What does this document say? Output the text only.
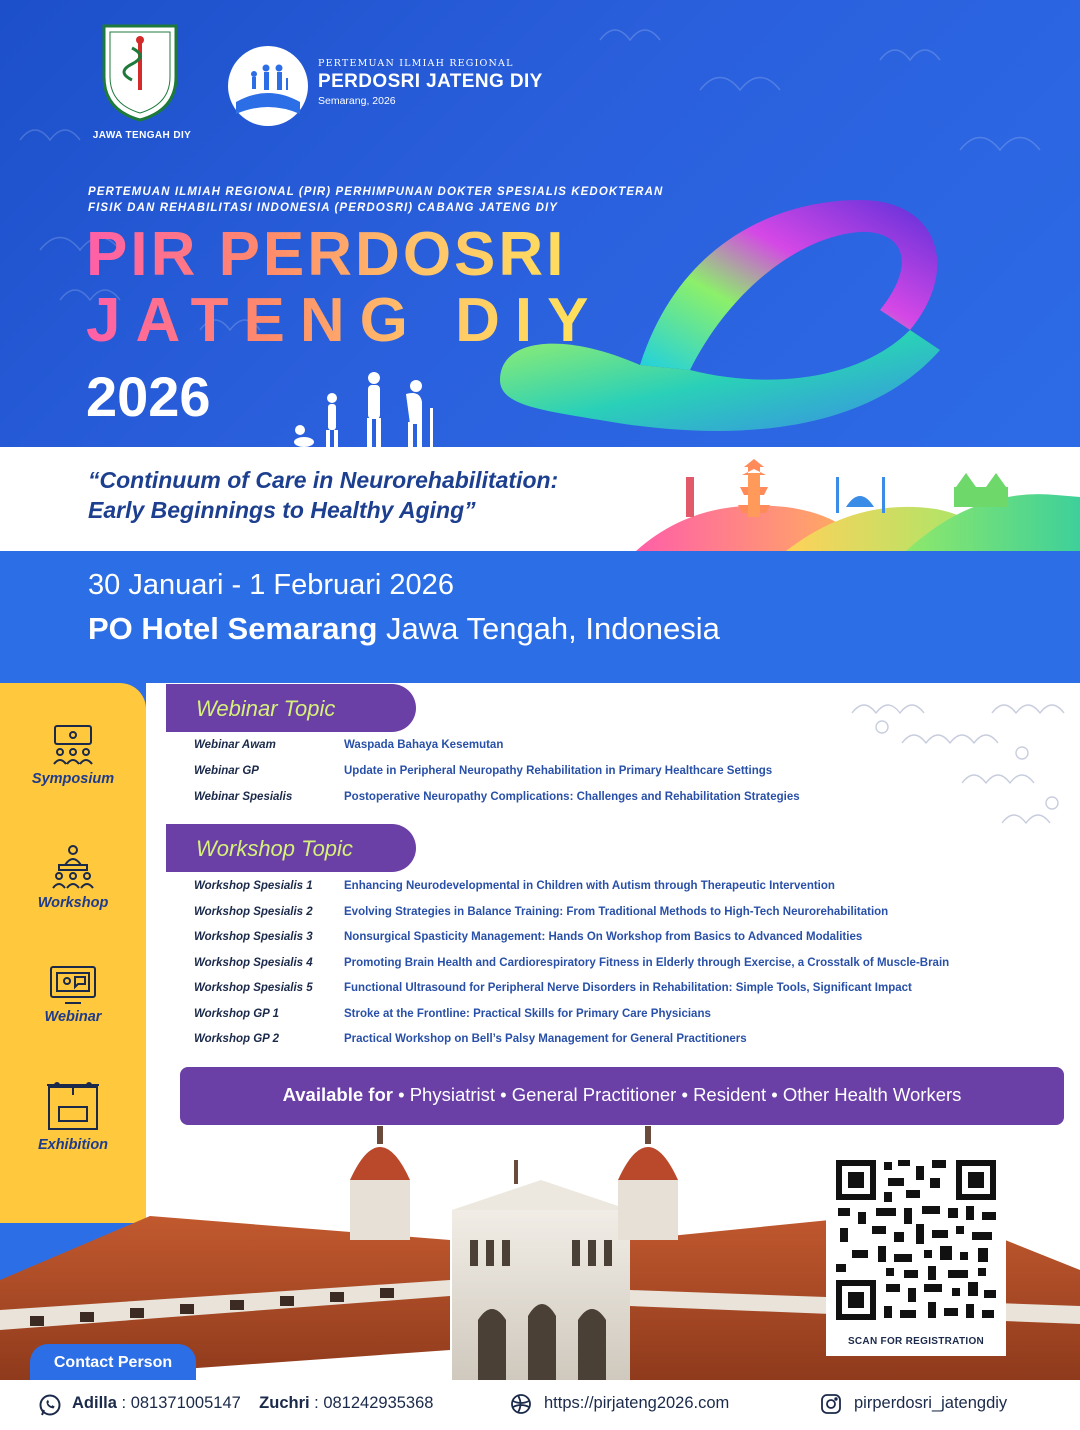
JAWA TENGAH DIY
PERTEMUAN ILMIAH REGIONAL
PERDOSRI JATENG DIY
Semarang, 2026
PERTEMUAN ILMIAH REGIONAL (PIR) PERHIMPUNAN DOKTER SPESIALIS KEDOKTERAN
FISIK DAN REHABILITASI INDONESIA (PERDOSRI) CABANG JATENG DIY
PIR PERDOSRI
JATENG DIY
2026
“Continuum of Care in Neurorehabilitation:
Early Beginnings to Healthy Aging”
30 Januari - 1 Februari 2026
PO Hotel Semarang Jawa Tengah, Indonesia
Symposium
Workshop
Webinar
Exhibition
Webinar Topic
Webinar Awam	Waspada Bahaya Kesemutan
Webinar GP	Update in Peripheral Neuropathy Rehabilitation in Primary Healthcare Settings
Webinar Spesialis	Postoperative Neuropathy Complications: Challenges and Rehabilitation Strategies
Workshop Topic
Workshop Spesialis 1	Enhancing Neurodevelopmental in Children with Autism through Therapeutic Intervention
Workshop Spesialis 2	Evolving Strategies in Balance Training: From Traditional Methods to High-Tech Neurorehabilitation
Workshop Spesialis 3	Nonsurgical Spasticity Management: Hands On Workshop from Basics to Advanced Modalities
Workshop Spesialis 4	Promoting Brain Health and Cardiorespiratory Fitness in Elderly through Exercise, a Crosstalk of Muscle-Brain
Workshop Spesialis 5	Functional Ultrasound for Peripheral Nerve Disorders in Rehabilitation: Simple Tools, Significant Impact
Workshop GP 1	Stroke at the Frontline: Practical Skills for Primary Care Physicians
Workshop GP 2	Practical Workshop on Bell’s Palsy Management for General Practitioners
SCAN FOR REGISTRATION
Available for • Physiatrist • General Practitioner • Resident • Other Health Workers
Contact Person
Adilla : 081371005147 Zuchri : 081242935368	https://pirjateng2026.com	pirperdosri_jatengdiy
